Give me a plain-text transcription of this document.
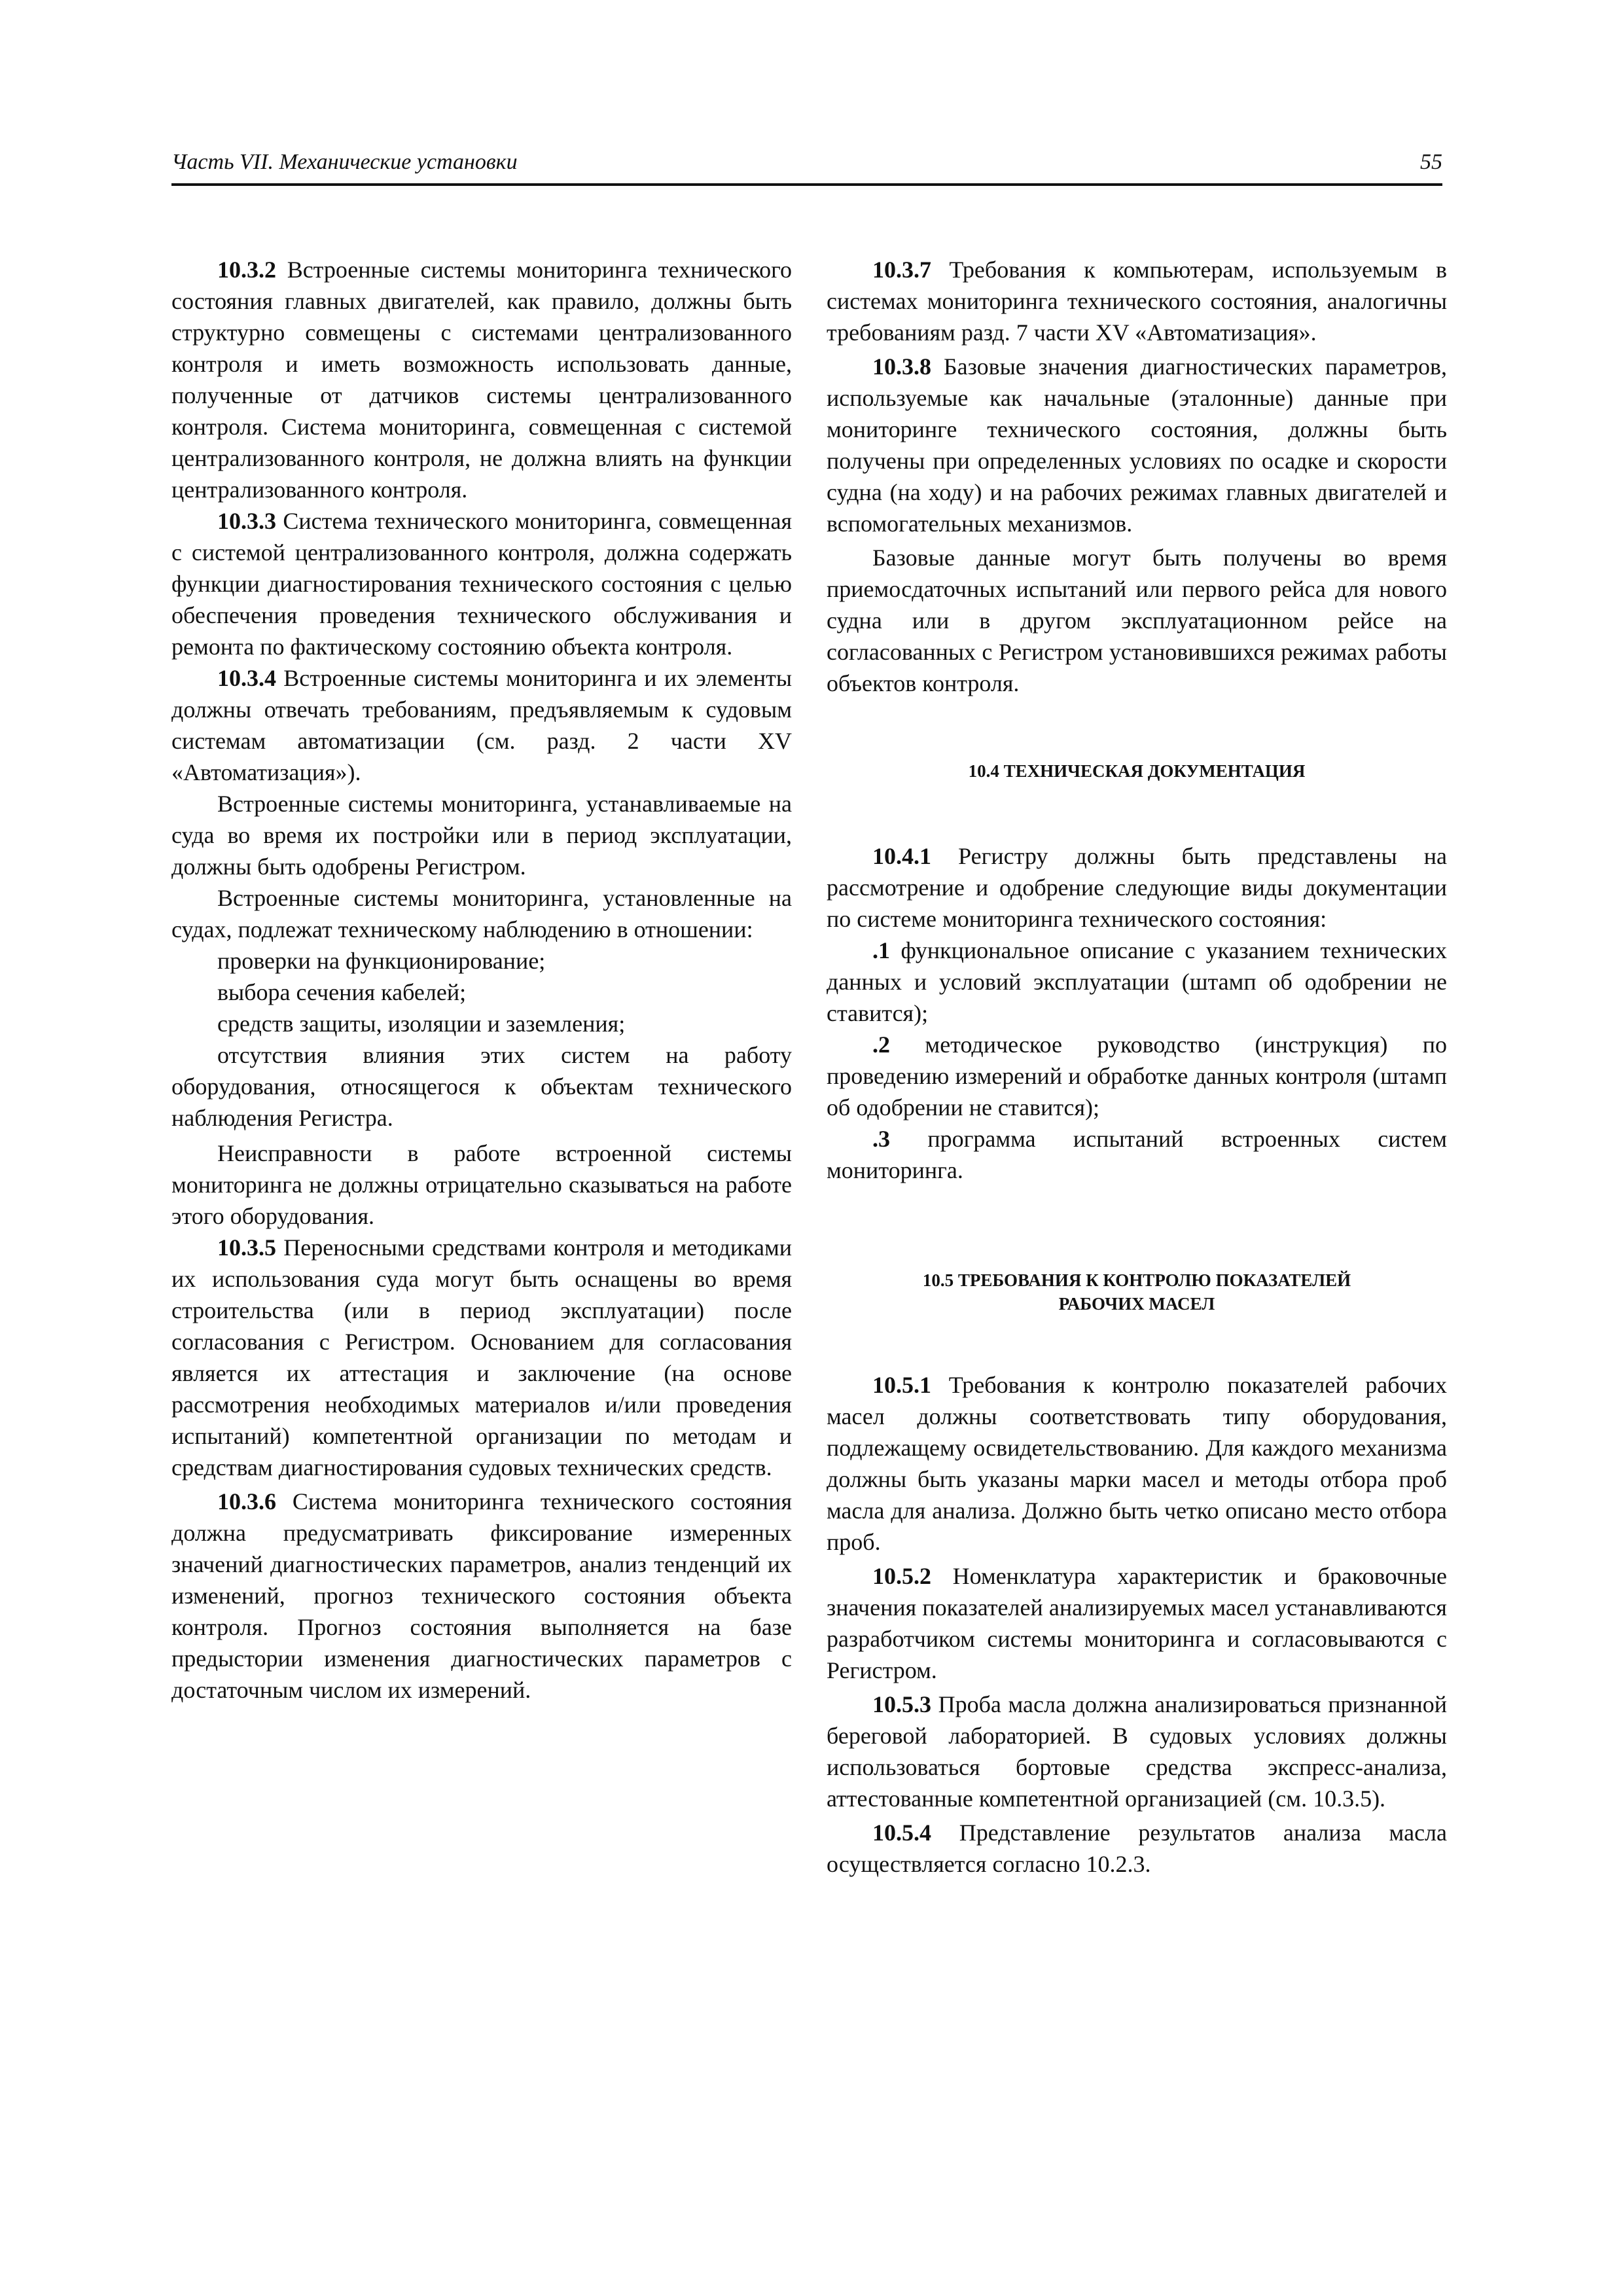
Часть VII. Механические установки	55

10.3.2 Встроенные системы мониторинга технического состояния главных двигателей, как правило, должны быть структурно совмещены с системами централизованного контроля и иметь возможность использовать данные, полученные от датчиков системы централизованного контроля. Система мониторинга, совмещенная с системой централизованного контроля, не должна влиять на функции централизованного контроля.

10.3.3 Система технического мониторинга, совмещенная с системой централизованного контроля, должна содержать функции диагностирования технического состояния с целью обеспечения проведения технического обслуживания и ремонта по фактическому состоянию объекта контроля.

10.3.4 Встроенные системы мониторинга и их элементы должны отвечать требованиям, предъявляемым к судовым системам автоматизации (см. разд. 2 части XV «Автоматизация»).

Встроенные системы мониторинга, устанавливаемые на суда во время их постройки или в период эксплуатации, должны быть одобрены Регистром.

Встроенные системы мониторинга, установленные на судах, подлежат техническому наблюдению в отношении:

проверки на функционирование;

выбора сечения кабелей;

средств защиты, изоляции и заземления;

отсутствия влияния этих систем на работу оборудования, относящегося к объектам технического наблюдения Регистра.

Неисправности в работе встроенной системы мониторинга не должны отрицательно сказываться на работе этого оборудования.

10.3.5 Переносными средствами контроля и методиками их использования суда могут быть оснащены во время строительства (или в период эксплуатации) после согласования с Регистром. Основанием для согласования является их аттестация и заключение (на основе рассмотрения необходимых материалов и/или проведения испытаний) компетентной организации по методам и средствам диагностирования судовых технических средств.

10.3.6 Система мониторинга технического состояния должна предусматривать фиксирование измеренных значений диагностических параметров, анализ тенденций их изменений, прогноз технического состояния объекта контроля. Прогноз состояния выполняется на базе предыстории изменения диагностических параметров с достаточным числом их измерений.

10.3.7 Требования к компьютерам, используемым в системах мониторинга технического состояния, аналогичны требованиям разд. 7 части XV «Автоматизация».

10.3.8 Базовые значения диагностических параметров, используемые как начальные (эталонные) данные при мониторинге технического состояния, должны быть получены при определенных условиях по осадке и скорости судна (на ходу) и на рабочих режимах главных двигателей и вспомогательных механизмов.

Базовые данные могут быть получены во время приемосдаточных испытаний или первого рейса для нового судна или в другом эксплуатационном рейсе на согласованных с Регистром установившихся режимах работы объектов контроля.

10.4 ТЕХНИЧЕСКАЯ ДОКУМЕНТАЦИЯ

10.4.1 Регистру должны быть представлены на рассмотрение и одобрение следующие виды документации по системе мониторинга технического состояния:

.1 функциональное описание с указанием технических данных и условий эксплуатации (штамп об одобрении не ставится);

.2 методическое руководство (инструкция) по проведению измерений и обработке данных контроля (штамп об одобрении не ставится);

.3 программа испытаний встроенных систем мониторинга.

10.5 ТРЕБОВАНИЯ К КОНТРОЛЮ ПОКАЗАТЕЛЕЙ

РАБОЧИХ МАСЕЛ

10.5.1 Требования к контролю показателей рабочих масел должны соответствовать типу оборудования, подлежащему освидетельствованию. Для каждого механизма должны быть указаны марки масел и методы отбора проб масла для анализа. Должно быть четко описано место отбора проб.

10.5.2 Номенклатура характеристик и браковочные значения показателей анализируемых масел устанавливаются разработчиком системы мониторинга и согласовываются с Регистром.

10.5.3 Проба масла должна анализироваться признанной береговой лабораторией. В судовых условиях должны использоваться бортовые средства экспресс-анализа, аттестованные компетентной организацией (см. 10.3.5).

10.5.4 Представление результатов анализа масла осуществляется согласно 10.2.3.
